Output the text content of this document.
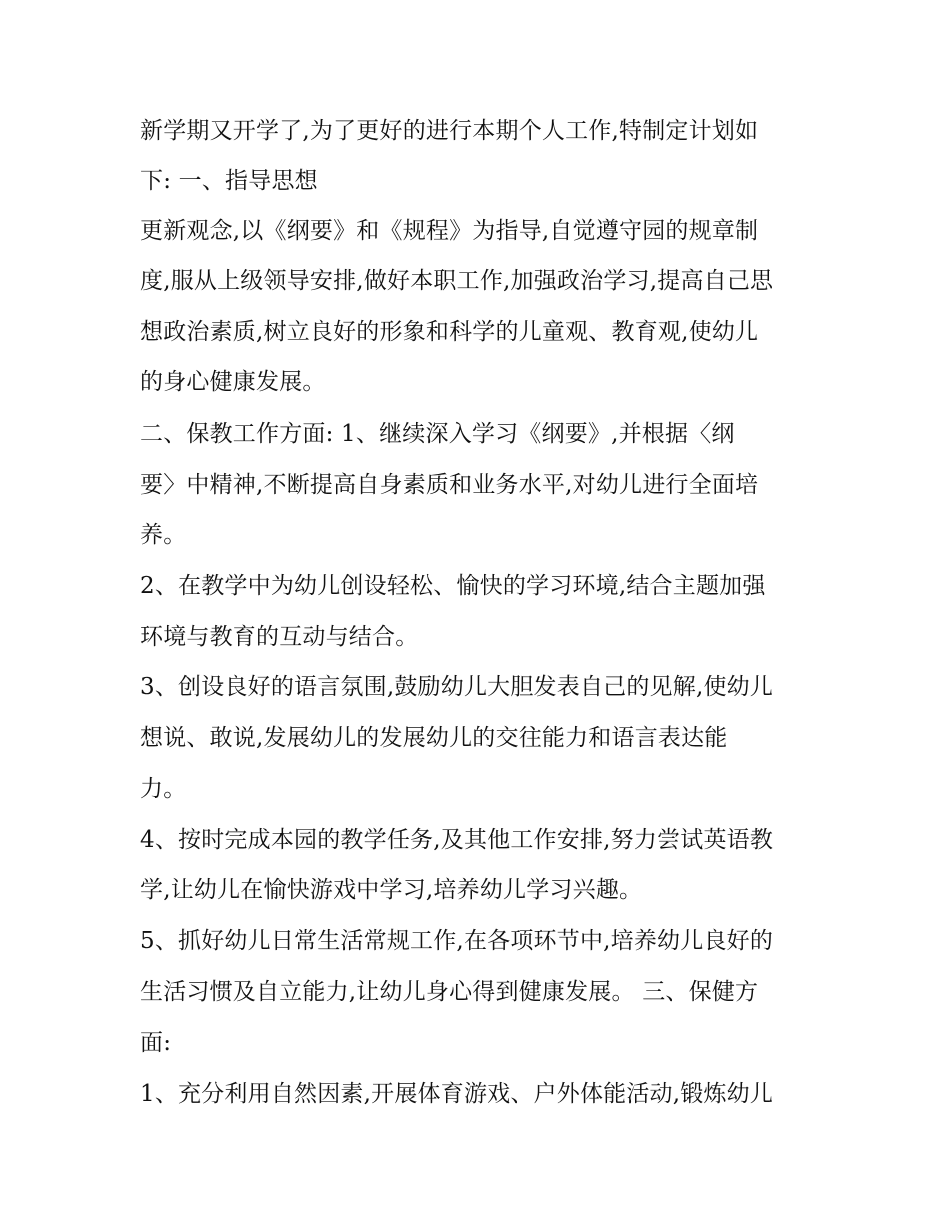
新学期又开学了,为了更好的进行本期个人工作,特制定计划如
下: 一、指导思想
更新观念,以《纲要》和《规程》为指导,自觉遵守园的规章制
度,服从上级领导安排,做好本职工作,加强政治学习,提高自己思
想政治素质,树立良好的形象和科学的儿童观、教育观,使幼儿
的身心健康发展。
二、保教工作方面: 1、继续深入学习《纲要》,并根据〈纲
要〉中精神,不断提高自身素质和业务水平,对幼儿进行全面培
养。
2、在教学中为幼儿创设轻松、愉快的学习环境,结合主题加强
环境与教育的互动与结合。
3、创设良好的语言氛围,鼓励幼儿大胆发表自己的见解,使幼儿
想说、敢说,发展幼儿的发展幼儿的交往能力和语言表达能
力。
4、按时完成本园的教学任务,及其他工作安排,努力尝试英语教
学,让幼儿在愉快游戏中学习,培养幼儿学习兴趣。
5、抓好幼儿日常生活常规工作,在各项环节中,培养幼儿良好的
生活习惯及自立能力,让幼儿身心得到健康发展。 三、保健方
面:
1、充分利用自然因素,开展体育游戏、户外体能活动,锻炼幼儿
